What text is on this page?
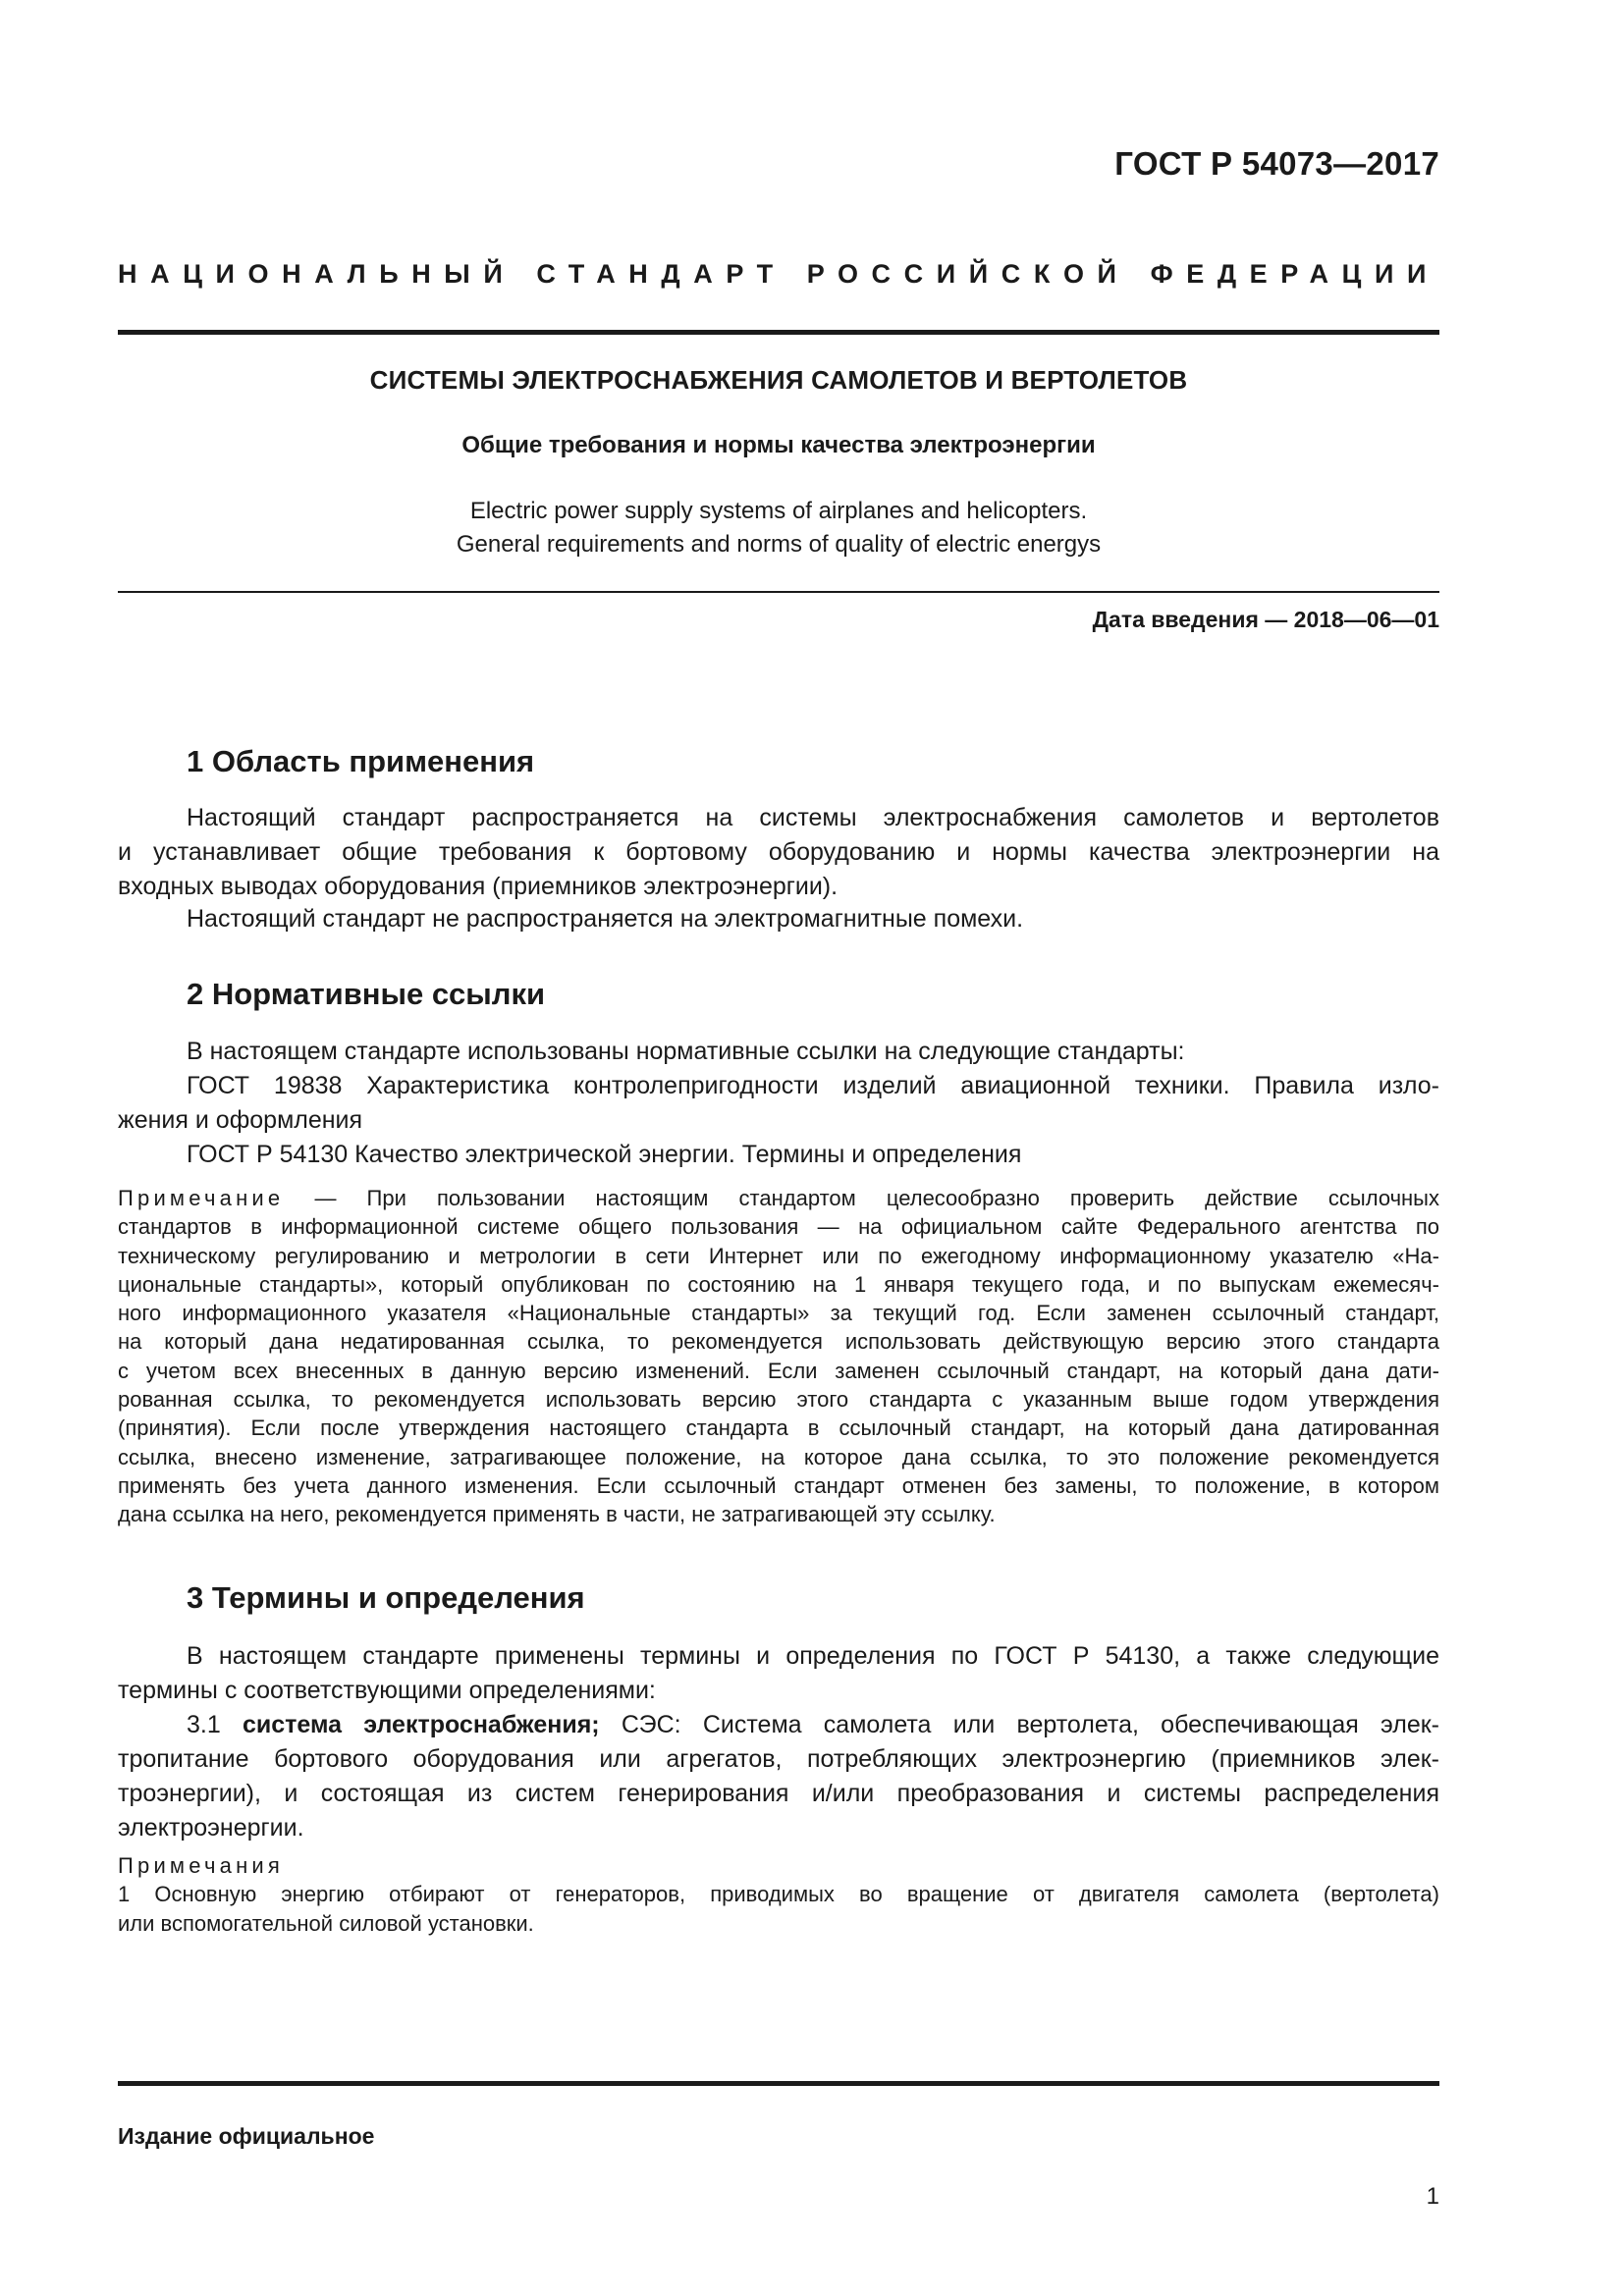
ГОСТ Р 54073—2017
НАЦИОНАЛЬНЫЙ СТАНДАРТ РОССИЙСКОЙ ФЕДЕРАЦИИ
СИСТЕМЫ ЭЛЕКТРОСНАБЖЕНИЯ САМОЛЕТОВ И ВЕРТОЛЕТОВ
Общие требования и нормы качества электроэнергии
Electric power supply systems of airplanes and helicopters.
General requirements and norms of quality of electric energys
Дата введения — 2018—06—01
1 Область применения
Настоящий стандарт распространяется на системы электроснабжения самолетов и вертолетов
и устанавливает общие требования к бортовому оборудованию и нормы качества электроэнергии на
входных выводах оборудования (приемников электроэнергии).
Настоящий стандарт не распространяется на электромагнитные помехи.
2 Нормативные ссылки
В настоящем стандарте использованы нормативные ссылки на следующие стандарты:
ГОСТ 19838 Характеристика контролепригодности изделий авиационной техники. Правила изло-
жения и оформления
ГОСТ Р 54130 Качество электрической энергии. Термины и определения
Примечание — При пользовании настоящим стандартом целесообразно проверить действие ссылочных
стандартов в информационной системе общего пользования — на официальном сайте Федерального агентства по
техническому регулированию и метрологии в сети Интернет или по ежегодному информационному указателю «На-
циональные стандарты», который опубликован по состоянию на 1 января текущего года, и по выпускам ежемесяч-
ного информационного указателя «Национальные стандарты» за текущий год. Если заменен ссылочный стандарт,
на который дана недатированная ссылка, то рекомендуется использовать действующую версию этого стандарта
с учетом всех внесенных в данную версию изменений. Если заменен ссылочный стандарт, на который дана дати-
рованная ссылка, то рекомендуется использовать версию этого стандарта с указанным выше годом утверждения
(принятия). Если после утверждения настоящего стандарта в ссылочный стандарт, на который дана датированная
ссылка, внесено изменение, затрагивающее положение, на которое дана ссылка, то это положение рекомендуется
применять без учета данного изменения. Если ссылочный стандарт отменен без замены, то положение, в котором
дана ссылка на него, рекомендуется применять в части, не затрагивающей эту ссылку.
3 Термины и определения
В настоящем стандарте применены термины и определения по ГОСТ Р 54130, а также следующие
термины с соответствующими определениями:
3.1 система электроснабжения; СЭС: Система самолета или вертолета, обеспечивающая элек-
тропитание бортового оборудования или агрегатов, потребляющих электроэнергию (приемников элек-
троэнергии), и состоящая из систем генерирования и/или преобразования и системы распределения
электроэнергии.
Примечания
1 Основную энергию отбирают от генераторов, приводимых во вращение от двигателя самолета (вертолета)
или вспомогательной силовой установки.
Издание официальное
1
